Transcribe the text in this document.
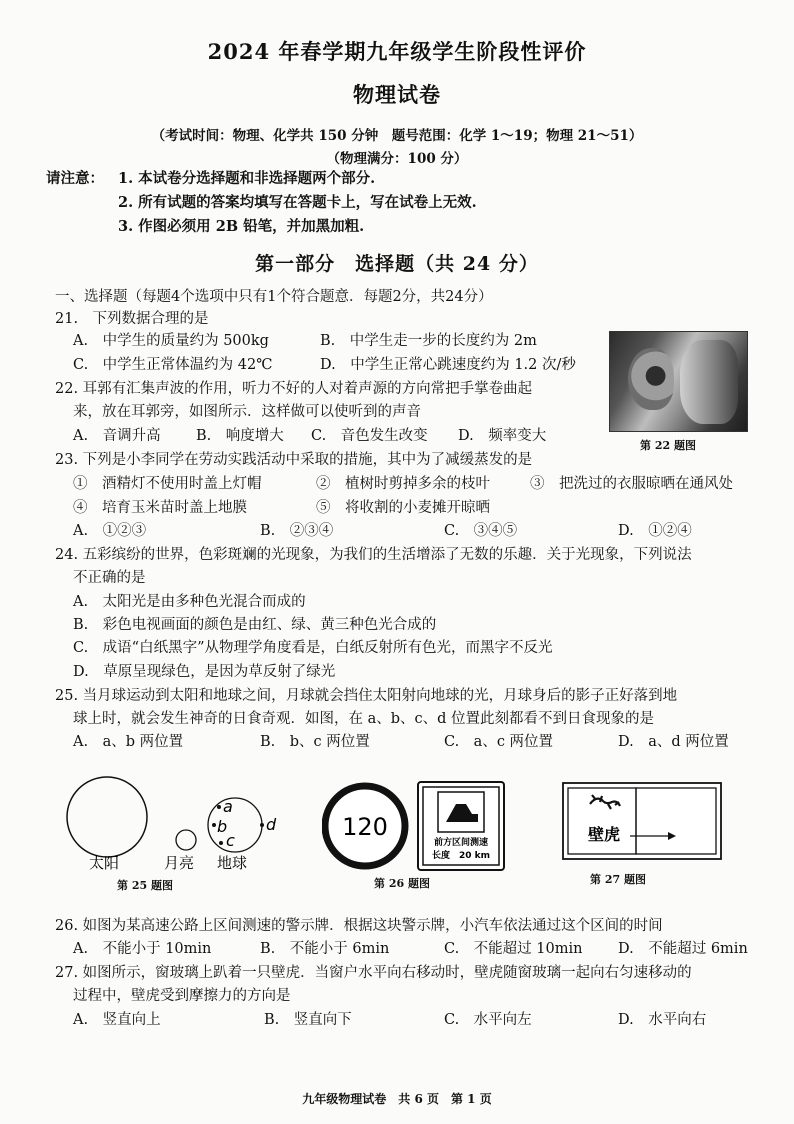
2024 年春学期九年级学生阶段性评价
物理试卷
（考试时间：物理、化学共 150 分钟　题号范围：化学 1～19；物理 21～51）
（物理满分：100 分）
请注意： 1. 本试卷分选择题和非选择题两个部分.
2. 所有试题的答案均填写在答题卡上，写在试卷上无效.
3. 作图必须用 2B 铅笔，并加黑加粗.
第一部分　选择题（共 24 分）
一、选择题（每题4个选项中只有1个符合题意．每题2分，共24分）
21.　下列数据合理的是
A.　中学生的质量约为 500kg	B.　中学生走一步的长度约为 2m
C.　中学生正常体温约为 42℃	D.　中学生正常心跳速度约为 1.2 次/秒
第 22 题图
22. 耳郭有汇集声波的作用，听力不好的人对着声源的方向常把手掌卷曲起
来，放在耳郭旁，如图所示．这样做可以使听到的声音
A.　音调升高 B.　响度增大 C.　音色发生改变 D.　频率变大
23. 下列是小李同学在劳动实践活动中采取的措施，其中为了减缓蒸发的是
①　酒精灯不使用时盖上灯帽	②　植树时剪掉多余的枝叶	③　把洗过的衣服晾晒在通风处
④　培育玉米苗时盖上地膜	⑤　将收割的小麦摊开晾晒
A.　①②③	B.　②③④	C.　③④⑤	D.　①②④
24. 五彩缤纷的世界，色彩斑斓的光现象，为我们的生活增添了无数的乐趣．关于光现象，下列说法
不正确的是
A.　太阳光是由多种色光混合而成的
B.　彩色电视画面的颜色是由红、绿、黄三种色光合成的
C.　成语“白纸黑字”从物理学角度看是，白纸反射所有色光，而黑字不反光
D.　草原呈现绿色，是因为草反射了绿光
25. 当月球运动到太阳和地球之间，月球就会挡住太阳射向地球的光，月球身后的影子正好落到地
球上时，就会发生神奇的日食奇观．如图，在 a、b、c、d 位置此刻都看不到日食现象的是
A.　a、b 两位置	B.　b、c 两位置	C.　a、c 两位置	D.　a、d 两位置
a
b
c
d
太阳	月亮 地球
第 25 题图
120
前方区间测速
长度　20 km
第 26 题图
壁虎
第 27 题图
26. 如图为某高速公路上区间测速的警示牌．根据这块警示牌，小汽车依法通过这个区间的时间
A.　不能小于 10min	B.　不能小于 6min	C.　不能超过 10min D.　不能超过 6min
27. 如图所示，窗玻璃上趴着一只壁虎．当窗户水平向右移动时，壁虎随窗玻璃一起向右匀速移动的
过程中，壁虎受到摩擦力的方向是
A.　竖直向上	B.　竖直向下	C.　水平向左	D.　水平向右
九年级物理试卷　共 6 页　第 1 页
